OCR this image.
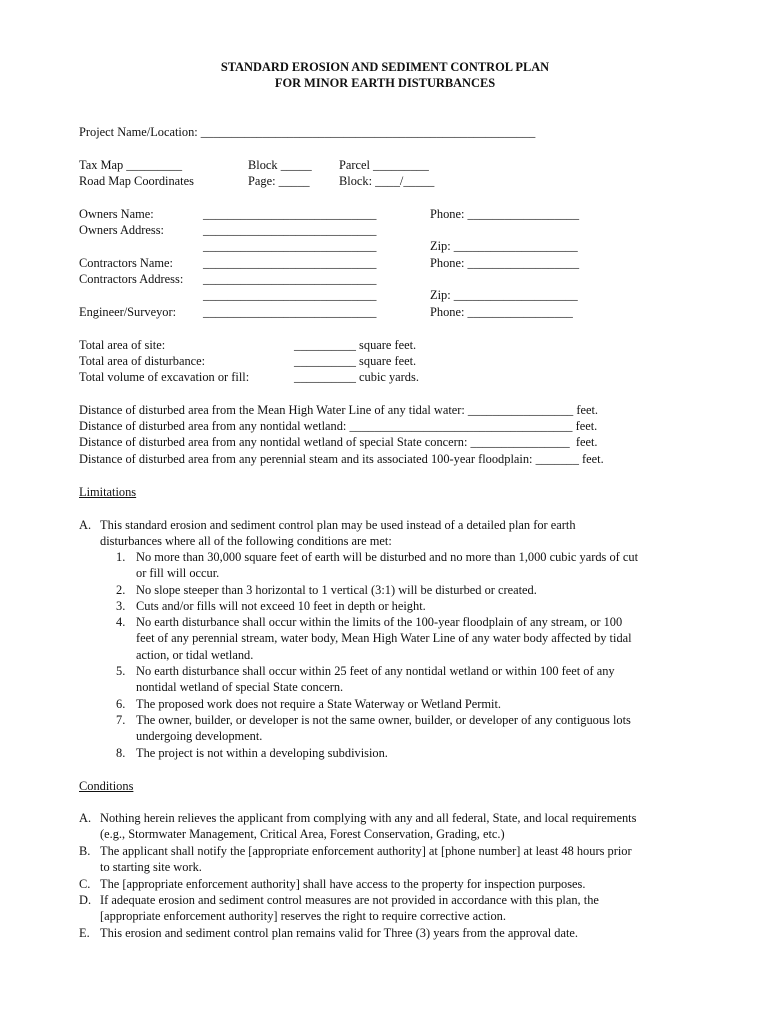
STANDARD EROSION AND SEDIMENT CONTROL PLAN
FOR MINOR EARTH DISTURBANCES
Project Name/Location: ______________________________________________________
Tax Map _________	Block _____ Parcel _________
Road Map Coordinates	Page: _____ Block: ____/_____
Owners Name:	____________________________	Phone: __________________
Owners Address:	____________________________
____________________________	Zip: ____________________
Contractors Name: ____________________________	Phone: __________________
Contractors Address: ____________________________
____________________________	Zip: ____________________
Engineer/Surveyor: ____________________________	Phone: _________________
Total area of site:	__________ square feet.
Total area of disturbance:	__________ square feet.
Total volume of excavation or fill:	__________ cubic yards.
Distance of disturbed area from the Mean High Water Line of any tidal water: _________________ feet.
Distance of disturbed area from any nontidal wetland: ____________________________________ feet.
Distance of disturbed area from any nontidal wetland of special State concern: ________________  feet.
Distance of disturbed area from any perennial steam and its associated 100-year floodplain: _______ feet.
Limitations
A. This standard erosion and sediment control plan may be used instead of a detailed plan for earth
disturbances where all of the following conditions are met:
1. No more than 30,000 square feet of earth will be disturbed and no more than 1,000 cubic yards of cut
or fill will occur.
2. No slope steeper than 3 horizontal to 1 vertical (3:1) will be disturbed or created.
3. Cuts and/or fills will not exceed 10 feet in depth or height.
4. No earth disturbance shall occur within the limits of the 100-year floodplain of any stream, or 100
feet of any perennial stream, water body, Mean High Water Line of any water body affected by tidal
action, or tidal wetland.
5. No earth disturbance shall occur within 25 feet of any nontidal wetland or within 100 feet of any
nontidal wetland of special State concern.
6. The proposed work does not require a State Waterway or Wetland Permit.
7. The owner, builder, or developer is not the same owner, builder, or developer of any contiguous lots
undergoing development.
8. The project is not within a developing subdivision.
Conditions
A. Nothing herein relieves the applicant from complying with any and all federal, State, and local requirements
(e.g., Stormwater Management, Critical Area, Forest Conservation, Grading, etc.)
B. The applicant shall notify the [appropriate enforcement authority] at [phone number] at least 48 hours prior
to starting site work.
C. The [appropriate enforcement authority] shall have access to the property for inspection purposes.
D. If adequate erosion and sediment control measures are not provided in accordance with this plan, the
[appropriate enforcement authority] reserves the right to require corrective action.
E. This erosion and sediment control plan remains valid for Three (3) years from the approval date.
